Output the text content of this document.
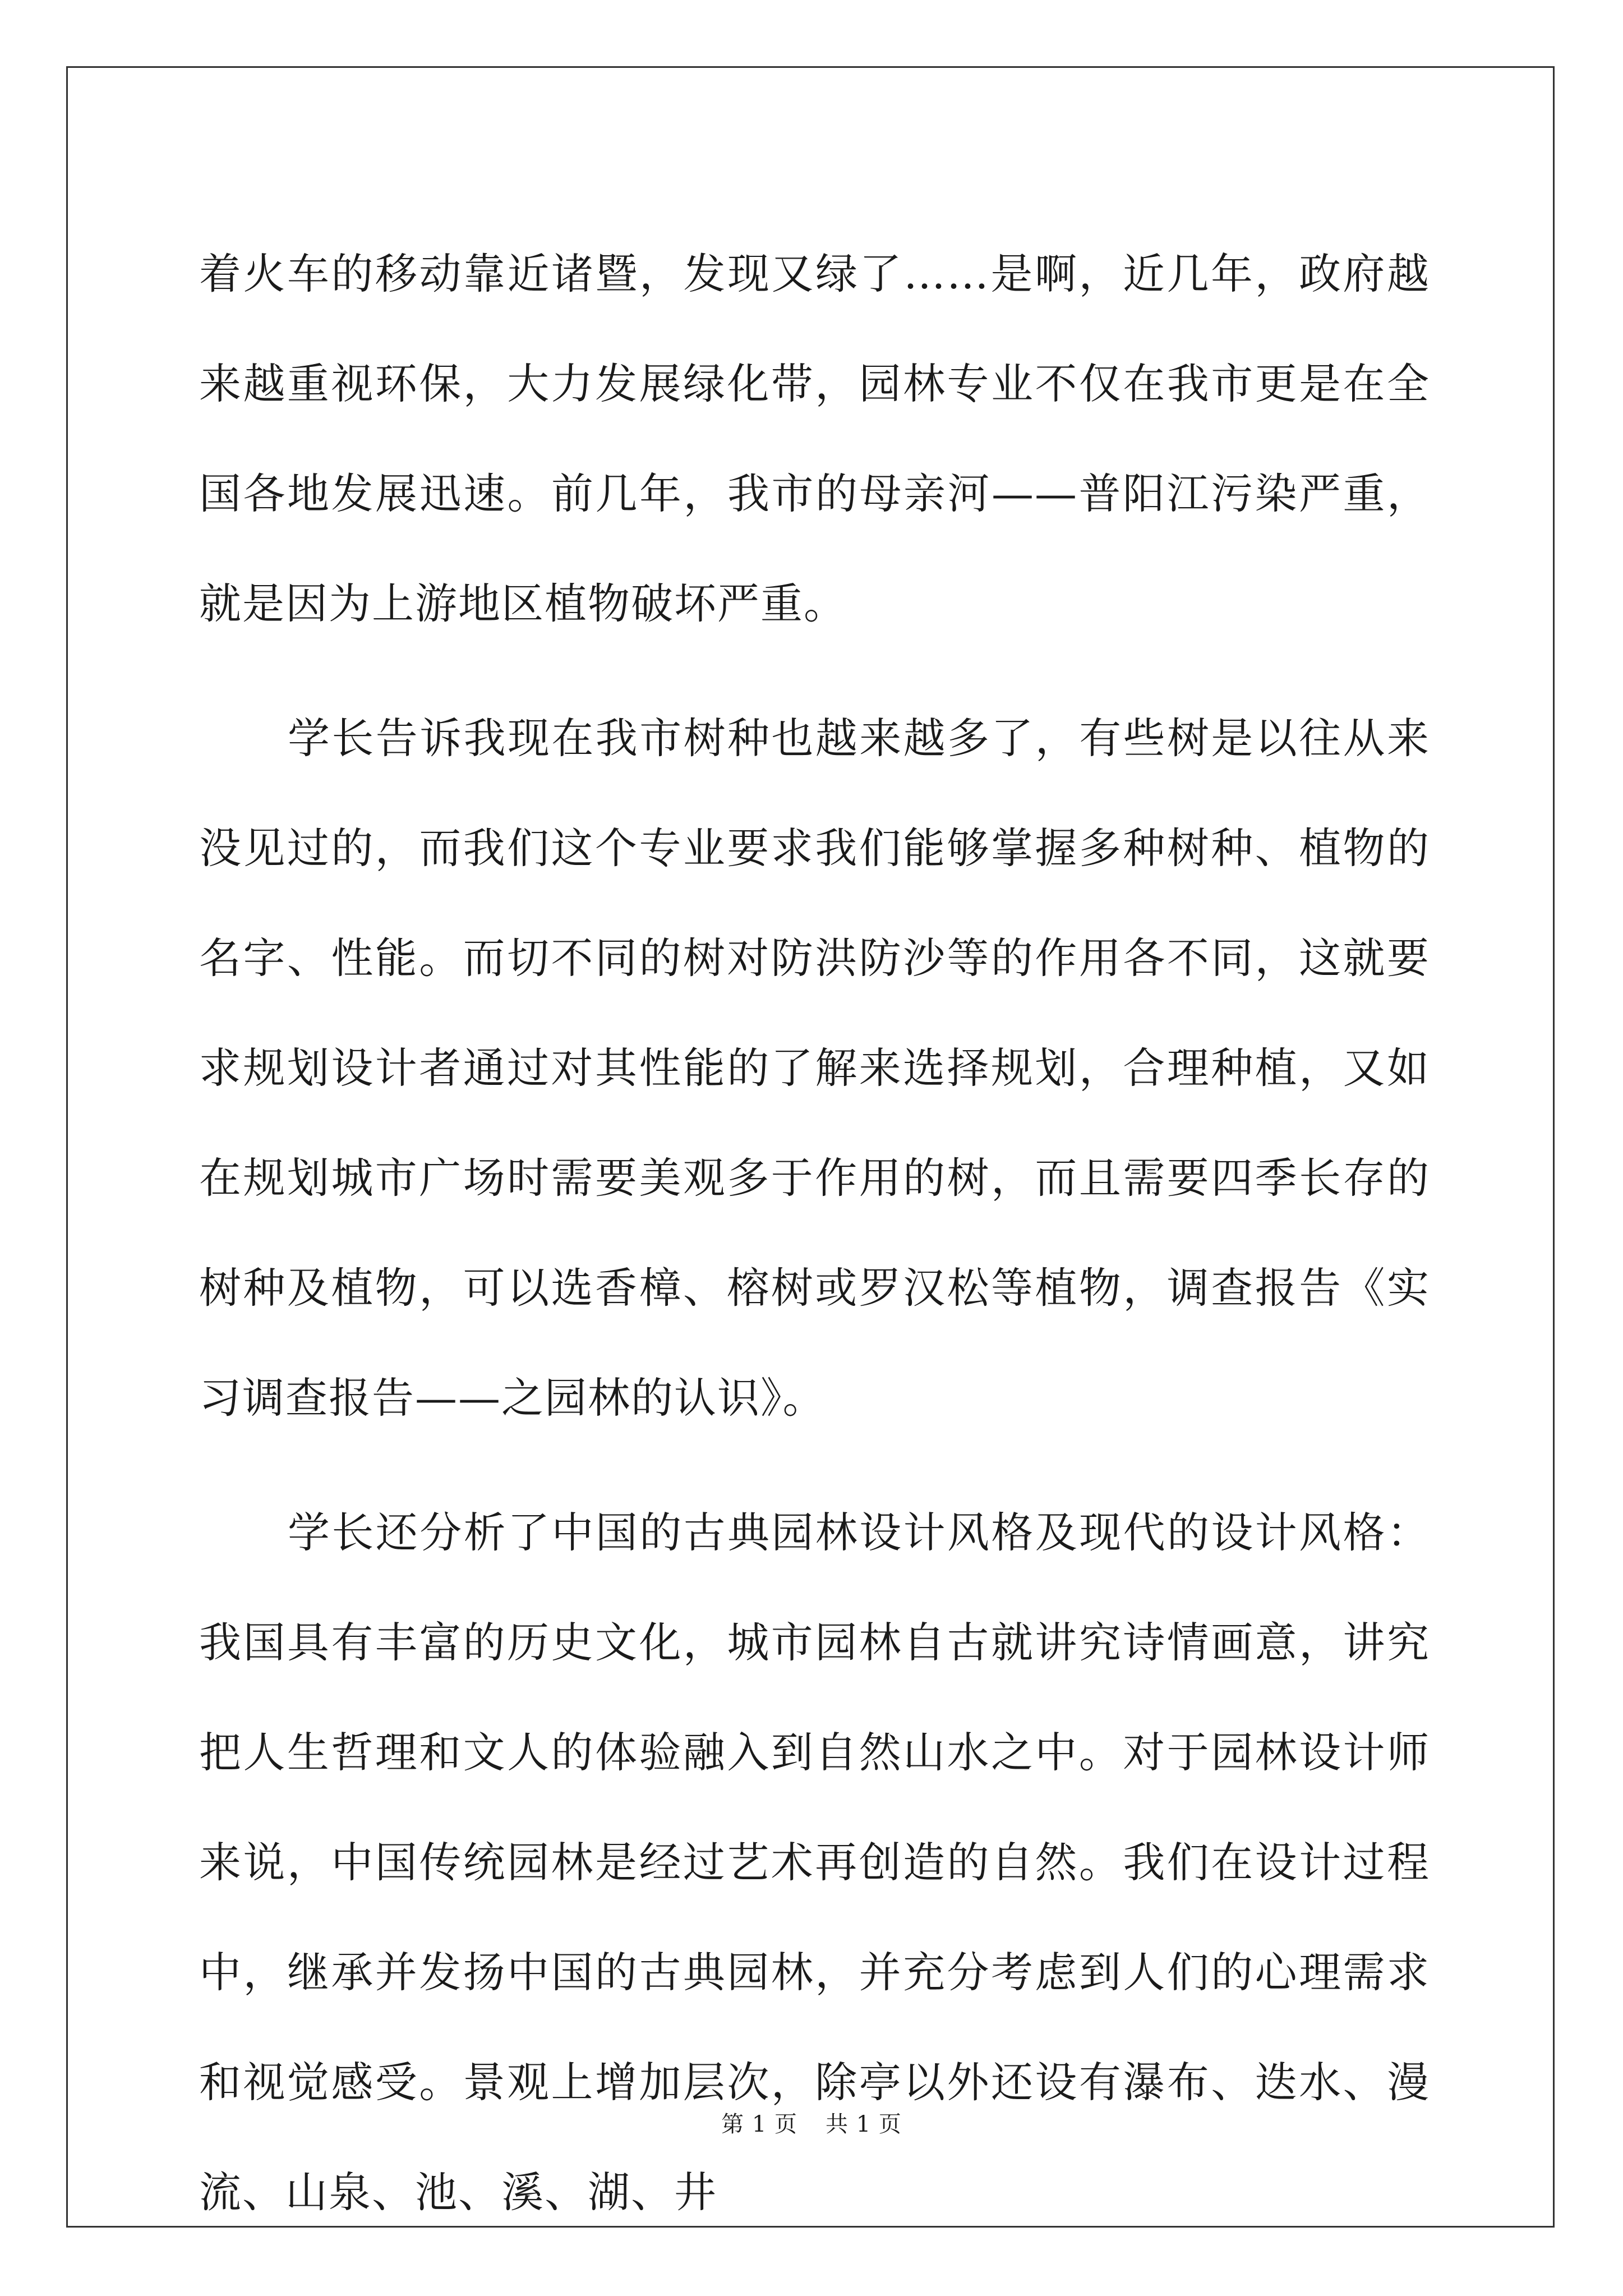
着火车的移动靠近诸暨，发现又绿了……是啊，近几年，政府越来越重视环保，大力发展绿化带，园林专业不仅在我市更是在全国各地发展迅速。前几年，我市的母亲河——普阳江污染严重，就是因为上游地区植物破坏严重。

学长告诉我现在我市树种也越来越多了，有些树是以往从来没见过的，而我们这个专业要求我们能够掌握多种树种、植物的名字、性能。而切不同的树对防洪防沙等的作用各不同，这就要求规划设计者通过对其性能的了解来选择规划，合理种植，又如在规划城市广场时需要美观多于作用的树，而且需要四季长存的树种及植物，可以选香樟、榕树或罗汉松等植物，调查报告《实习调查报告——之园林的认识》。

学长还分析了中国的古典园林设计风格及现代的设计风格：我国具有丰富的历史文化，城市园林自古就讲究诗情画意，讲究把人生哲理和文人的体验融入到自然山水之中。对于园林设计师来说，中国传统园林是经过艺术再创造的自然。我们在设计过程中，继承并发扬中国的古典园林，并充分考虑到人们的心理需求和视觉感受。景观上增加层次，除亭以外还设有瀑布、迭水、漫流、山泉、池、溪、湖、井

第 1 页 共 1 页
